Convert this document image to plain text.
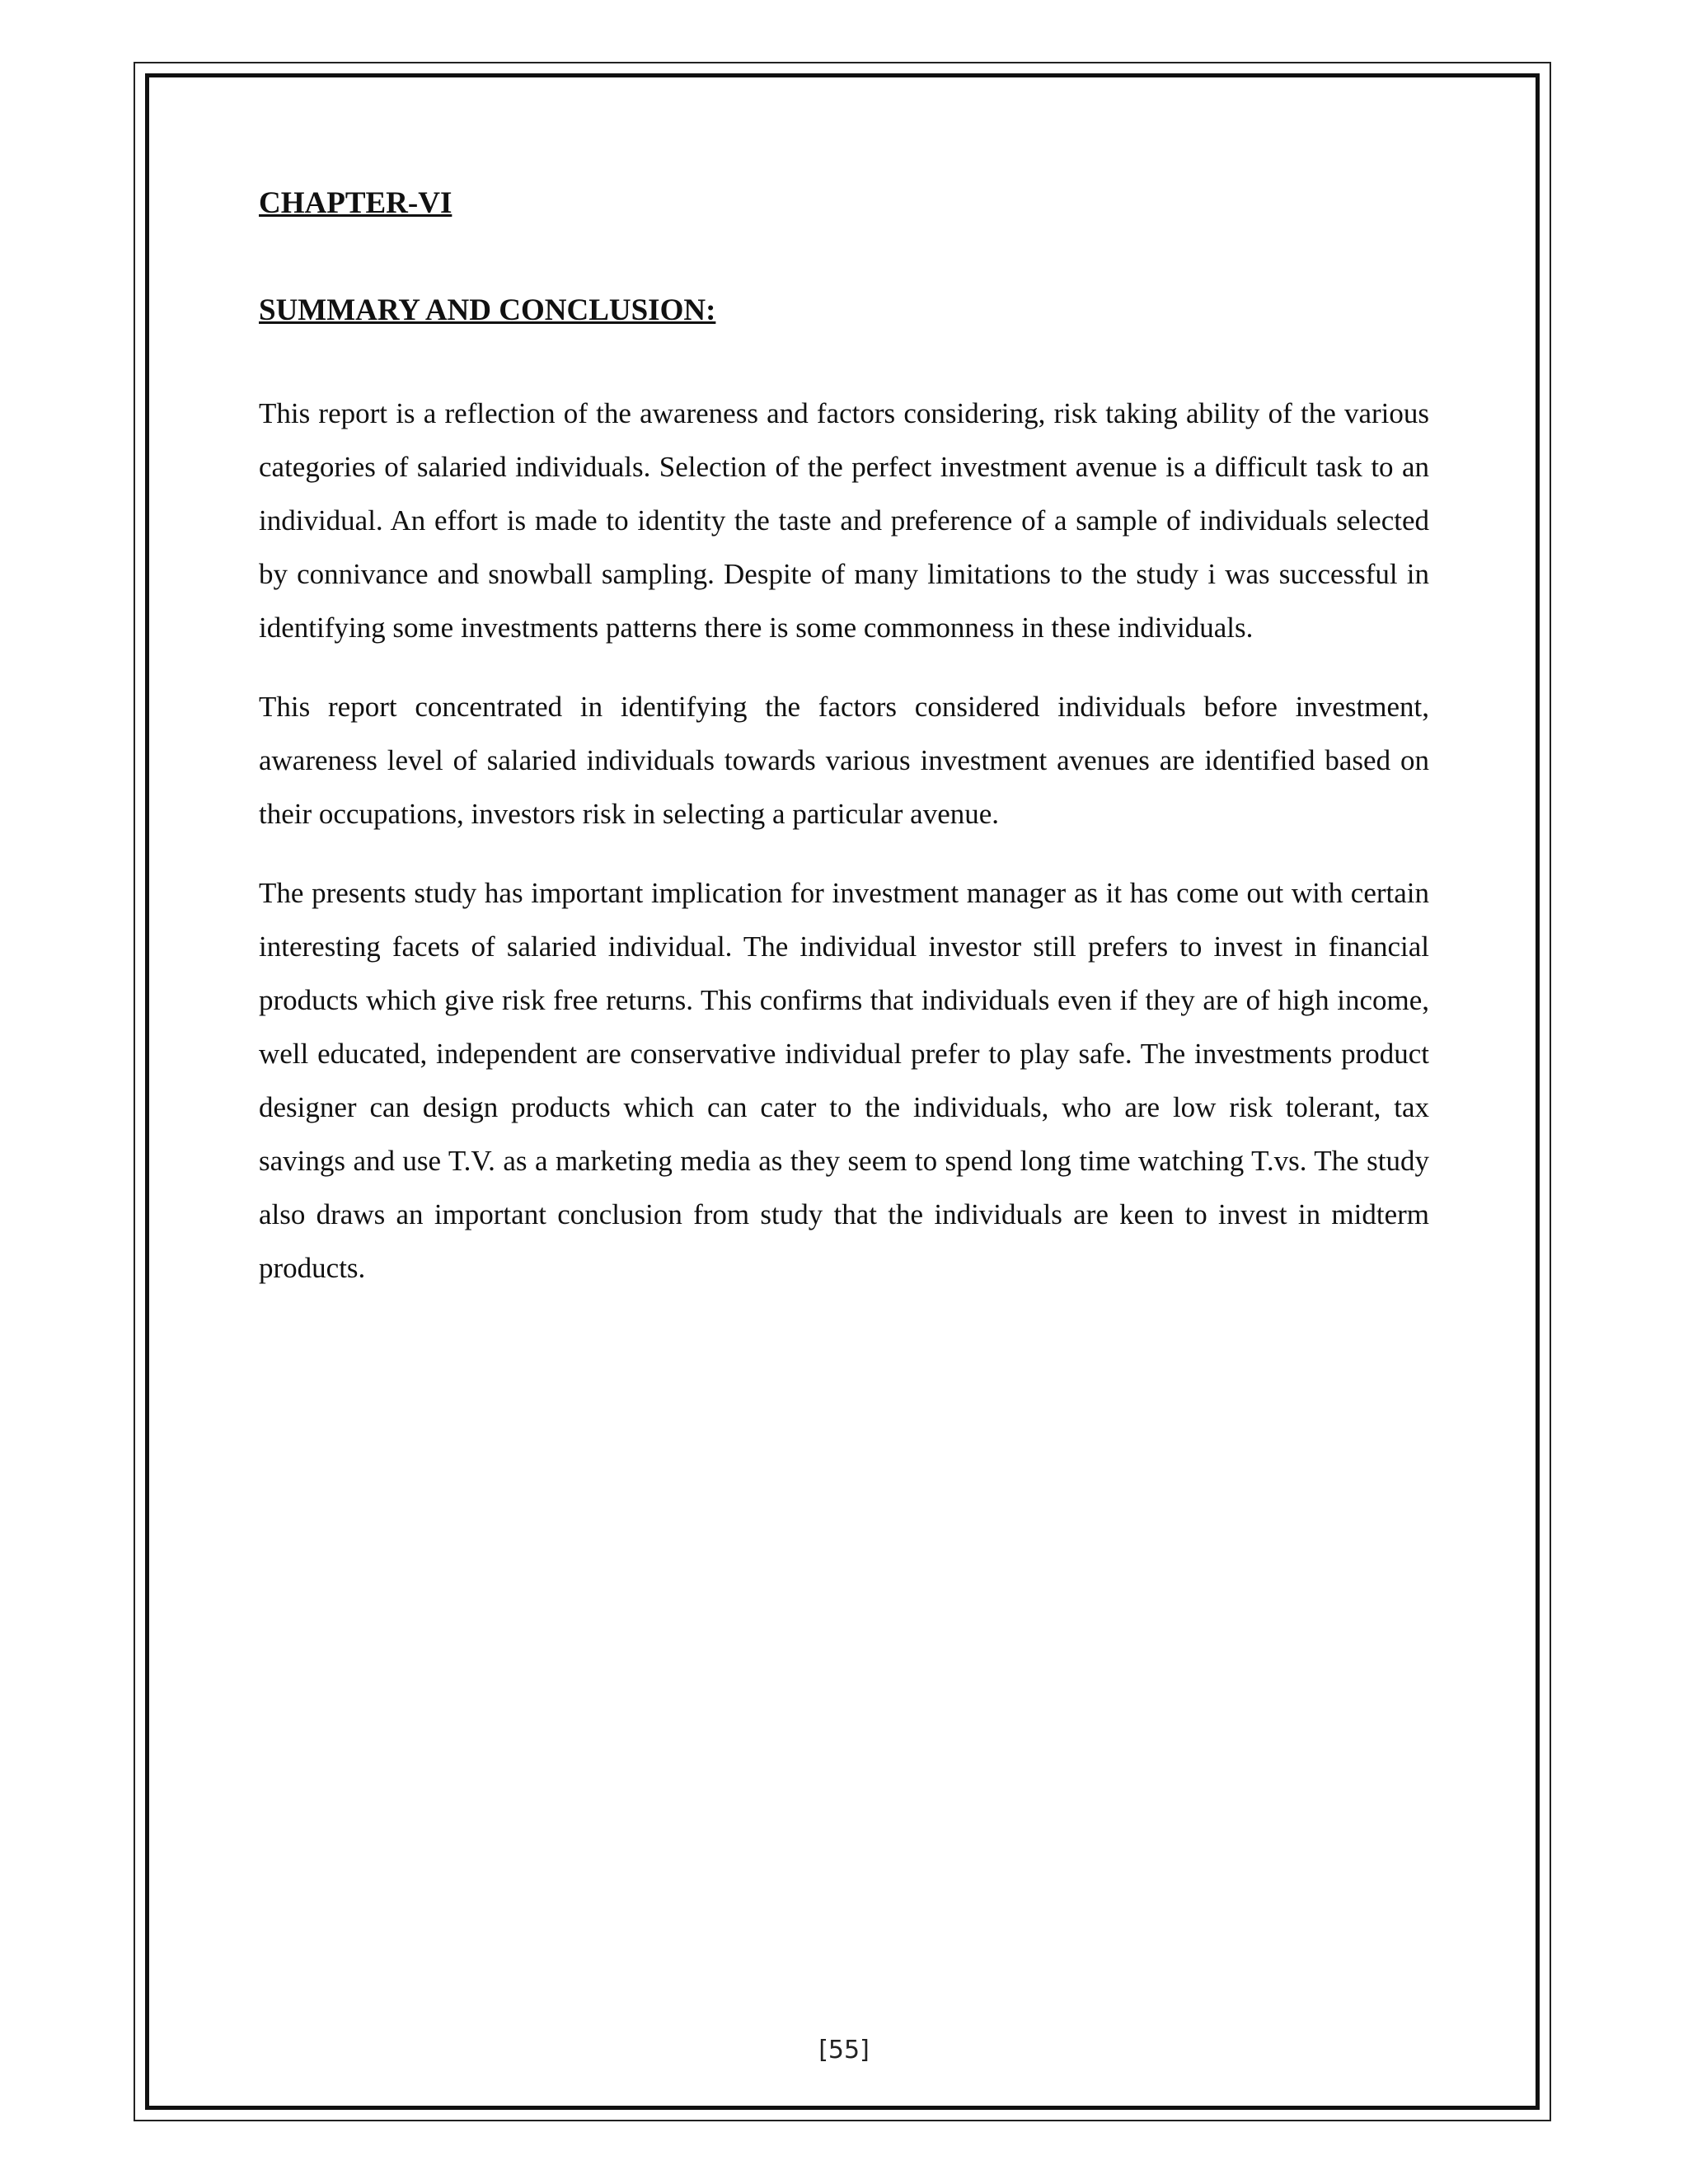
CHAPTER-VI
SUMMARY AND CONCLUSION:

This report is a reflection of the awareness and factors considering, risk taking ability of the various categories of salaried individuals. Selection of the perfect investment avenue is a difficult task to an individual. An effort is made to identity the taste and preference of a sample of individuals selected by connivance and snowball sampling. Despite of many limitations to the study i was successful in identifying some investments patterns there is some commonness in these individuals.

This report concentrated in identifying the factors considered individuals before investment, awareness level of salaried individuals towards various investment avenues are identified based on their occupations, investors risk in selecting a particular avenue.

The presents study has important implication for investment manager as it has come out with certain interesting facets of salaried individual. The individual investor still prefers to invest in financial products which give risk free returns. This confirms that individuals even if they are of high income, well educated, independent are conservative individual prefer to play safe. The investments product designer can design products which can cater to the individuals, who are low risk tolerant, tax savings and use T.V. as a marketing media as they seem to spend long time watching T.vs. The study also draws an important conclusion from study that the individuals are keen to invest in midterm products.

[55]
